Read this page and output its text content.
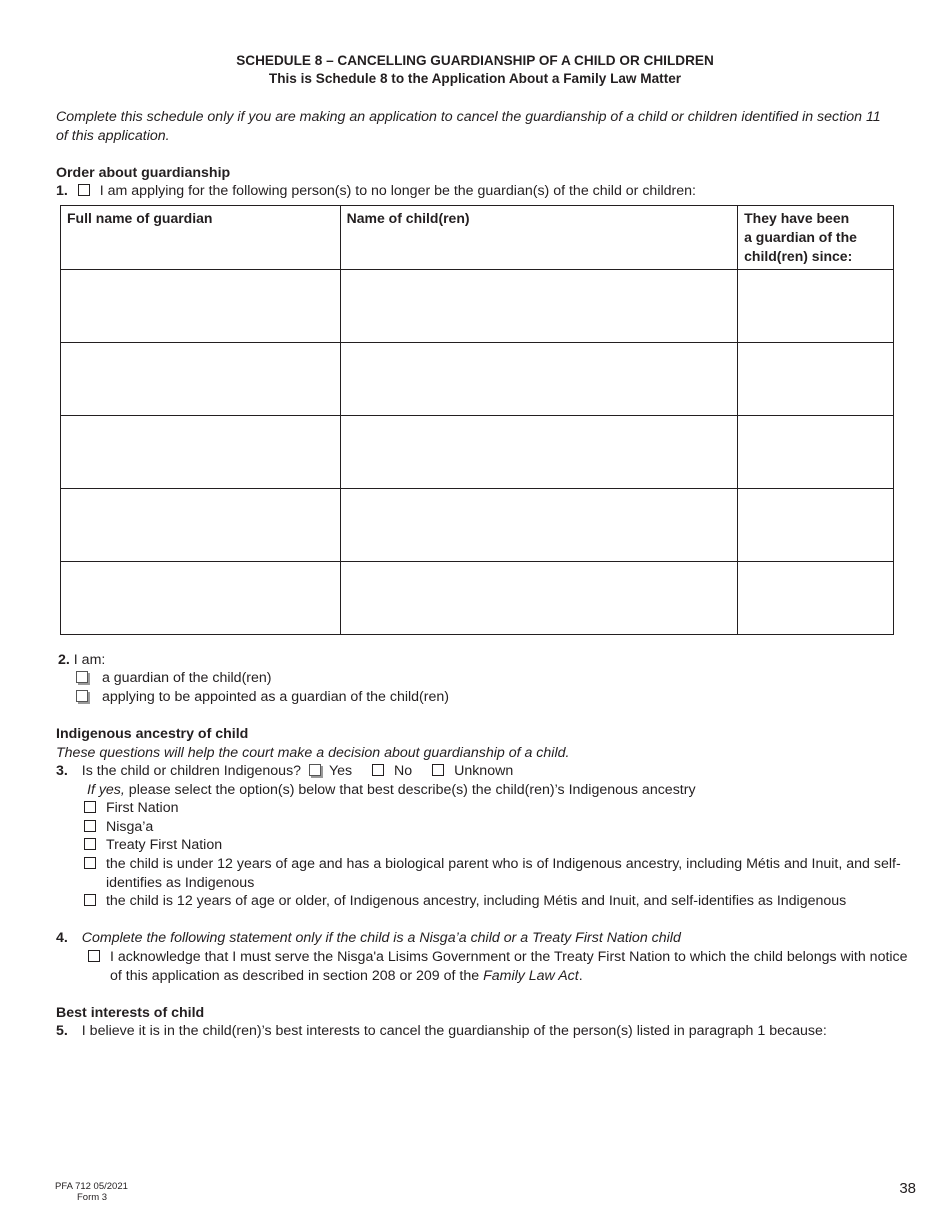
SCHEDULE 8 – CANCELLING GUARDIANSHIP OF A CHILD OR CHILDREN
This is Schedule 8 to the Application About a Family Law Matter
Complete this schedule only if you are making an application to cancel the guardianship of a child or children identified in section 11
of this application.
Order about guardianship
1. I am applying for the following person(s) to no longer be the guardian(s) of the child or children:
Full name of guardian	Name of child(ren)	They have been
a guardian of the
child(ren) since:

2. I am:
a guardian of the child(ren)
applying to be appointed as a guardian of the child(ren)
Indigenous ancestry of child
These questions will help the court make a decision about guardianship of a child.
3. Is the child or children Indigenous? Yes	No	Unknown
If yes, please select the option(s) below that best describe(s) the child(ren)’s Indigenous ancestry
First Nation
Nisga’a
Treaty First Nation
the child is under 12 years of age and has a biological parent who is of Indigenous ancestry, including Métis and Inuit, and self-
identifies as Indigenous
the child is 12 years of age or older, of Indigenous ancestry, including Métis and Inuit, and self-identifies as Indigenous
4. Complete the following statement only if the child is a Nisga’a child or a Treaty First Nation child
I acknowledge that I must serve the Nisga'a Lisims Government or the Treaty First Nation to which the child belongs with notice
of this application as described in section 208 or 209 of the Family Law Act.
Best interests of child
5. I believe it is in the child(ren)’s best interests to cancel the guardianship of the person(s) listed in paragraph 1 because:
PFA 712 05/2021
Form 3
38
